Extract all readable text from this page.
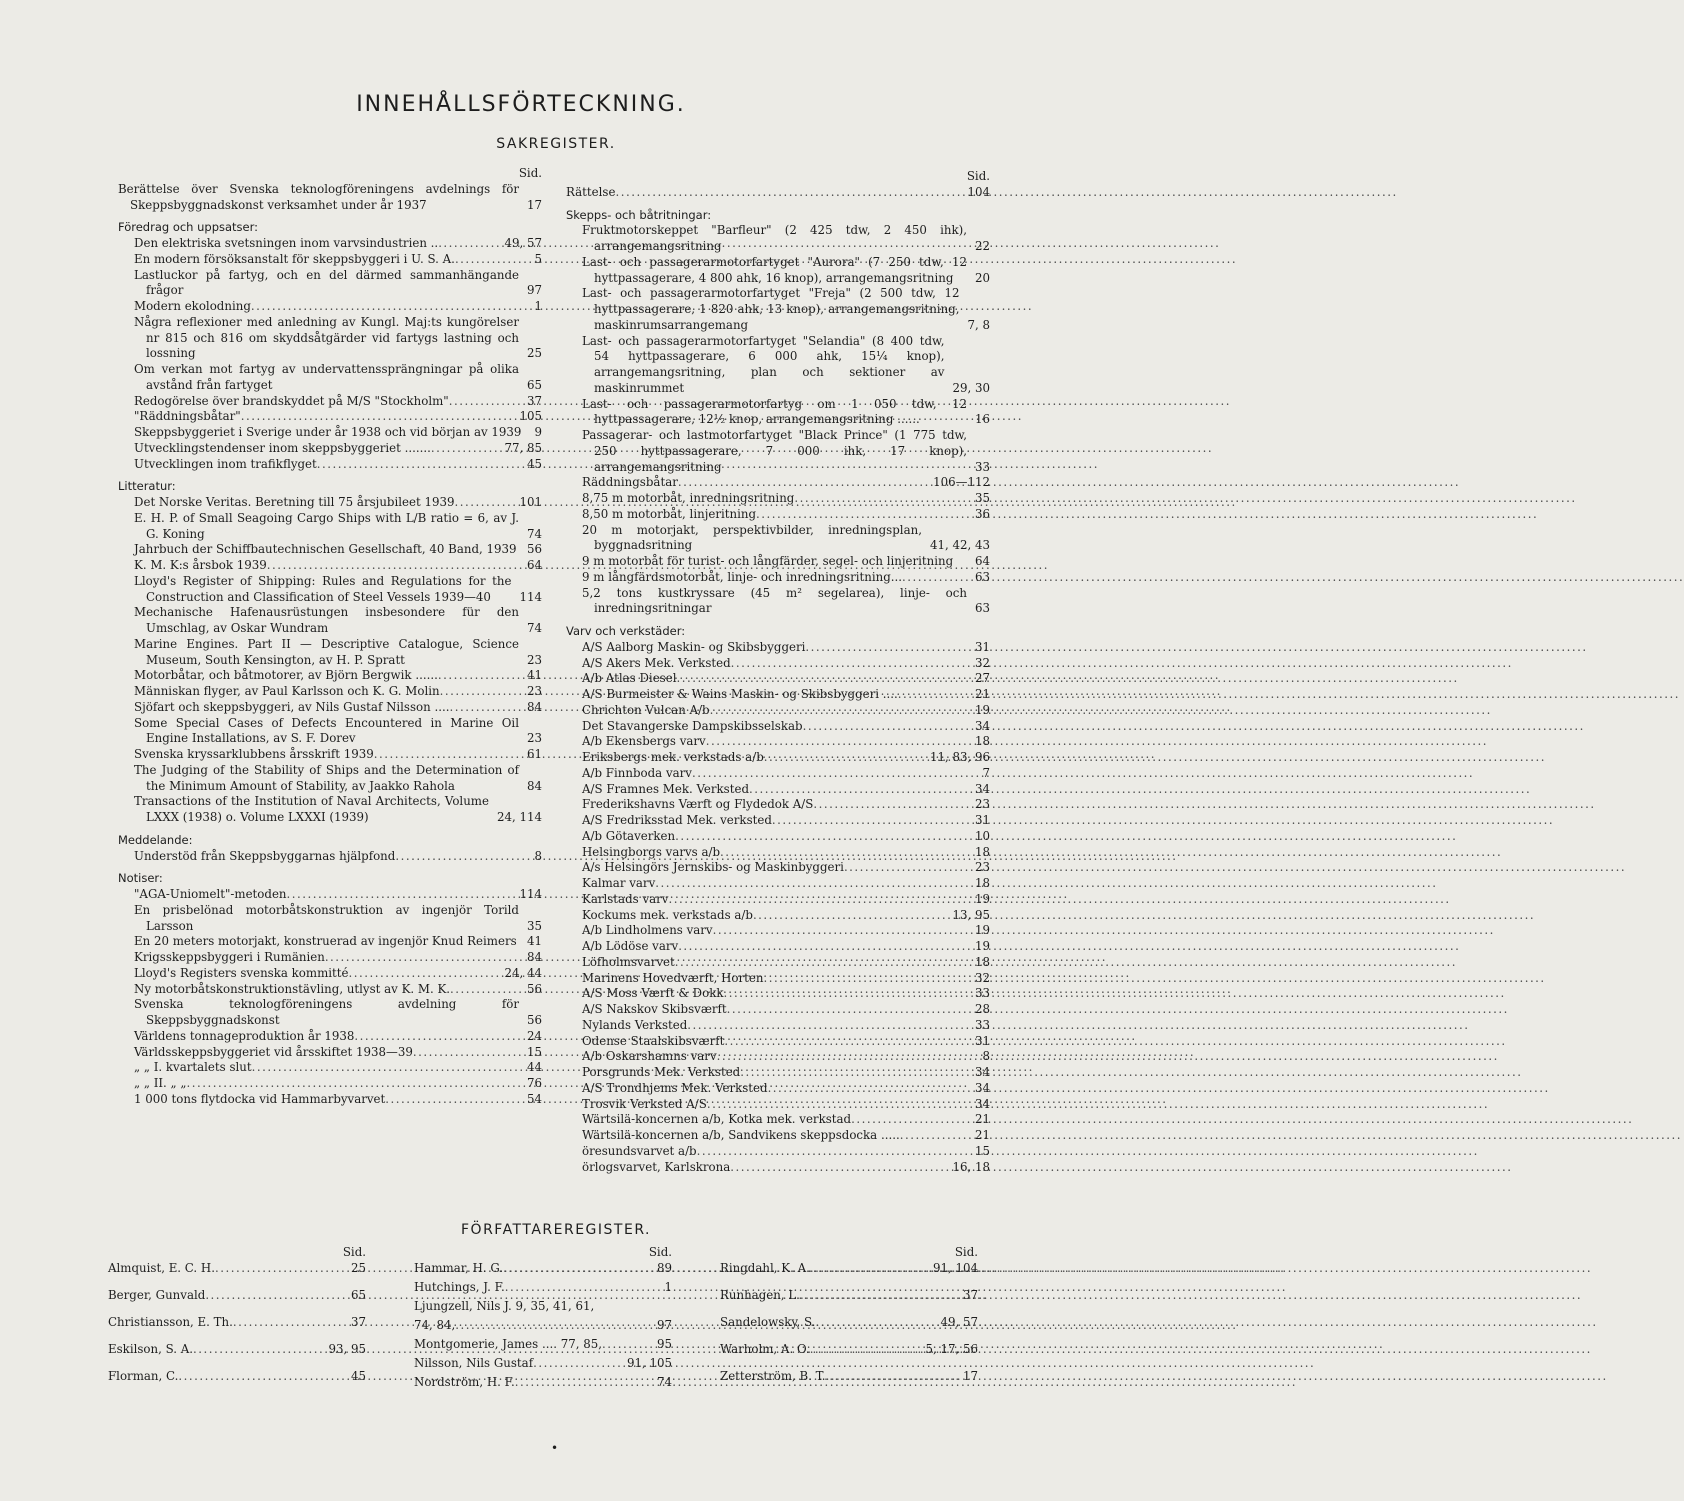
INNEHÅLLSFÖRTECKNING.
SAKREGISTER.
Sid.
Berättelse över Svenska teknologföreningens avdelnings för Skeppsbyggnadskonst verksamhet under år 1937	17
Föredrag och uppsatser:
Den elektriska svetsningen inom varvsindustrien .. .....	49, 57
En modern försöksanstalt för skeppsbyggeri i U. S. A. .....	5
Lastluckor på fartyg, och en del därmed sammanhängande frågor	97
Modern ekolodning .....	1
Några reflexioner med anledning av Kungl. Maj:ts kungörelser nr 815 och 816 om skyddsåtgärder vid fartygs lastning och lossning	25
Om verkan mot fartyg av undervattenssprängningar på olika avstånd från fartyget	65
Redogörelse över brandskyddet på M/S "Stockholm" .....	37
"Räddningsbåtar" .....	105
Skeppsbyggeriet i Sverige under år 1938 och vid början av 1939	9
Utvecklingstendenser inom skeppsbyggeriet ....... .....	77, 85
Utvecklingen inom trafikflyget .....	45
Litteratur:
Det Norske Veritas. Beretning till 75 årsjubileet 1939 .....	101
E. H. P. of Small Seagoing Cargo Ships with L/B ratio = 6, av J. G. Koning	74
Jahrbuch der Schiffbautechnischen Gesellschaft, 40 Band, 1939 56
K. M. K:s årsbok 1939 .....	64
Lloyd's Register of Shipping: Rules and Regulations for the Construction and Classification of Steel Vessels 1939—40	114
Mechanische Hafenausrüstungen insbesondere für den Umschlag, av Oskar Wundram	74
Marine Engines. Part II — Descriptive Catalogue, Science Museum, South Kensington, av H. P. Spratt	23
Motorbåtar, och båtmotorer, av Björn Bergwik ...... .....	41
Människan flyger, av Paul Karlsson och K. G. Molin .....	23
Sjöfart och skeppsbyggeri, av Nils Gustaf Nilsson .... .....	84
Some Special Cases of Defects Encountered in Marine Oil Engine Installations, av S. F. Dorev	23
Svenska kryssarklubbens årsskrift 1939 .....	61
The Judging of the Stability of Ships and the Determination of the Minimum Amount of Stability, av Jaakko Rahola	84
Transactions of the Institution of Naval Architects, Volume LXXX (1938) o. Volume LXXXI (1939)	24, 114
Meddelande:
Understöd från Skeppsbyggarnas hjälpfond .....	8
Notiser:
"AGA-Uniomelt"-metoden .....	114
En prisbelönad motorbåtskonstruktion av ingenjör Torild Larsson	35
En 20 meters motorjakt, konstruerad av ingenjör Knud Reimers 41
Krigsskeppsbyggeri i Rumänien .....	84
Lloyd's Registers svenska kommitté .....	24, 44
Ny motorbåtskonstruktionstävling, utlyst av K. M. K. .....	56
Svenska teknologföreningens avdelning för Skeppsbyggnadskonst	56
Världens tonnageproduktion år 1938 .....	24
Världsskeppsbyggeriet vid årsskiftet 1938—39 .....	15
„ „ I. kvartalets slut .....	44
„ „ II. „ „ .....	76
1 000 tons flytdocka vid Hammarbyvarvet .....	54
Sid.
Rättelse .....	104
Skepps- och båtritningar:
Fruktmotorskeppet "Barfleur" (2 425 tdw, 2 450 ihk), arrangemangsritning	22
Last- och passagerarmotorfartyget "Aurora" (7 250 tdw, 12 hyttpassagerare, 4 800 ahk, 16 knop), arrangemangsritning	20
Last- och passagerarmotorfartyget "Freja" (2 500 tdw, 12 hyttpassagerare, 1 820 ahk, 13 knop), arrangemangsritning, maskinrumsarrangemang	7, 8
Last- och passagerarmotorfartyget "Selandia" (8 400 tdw, 54 hyttpassagerare, 6 000 ahk, 15¼ knop), arrangemangsritning, plan och sektioner av maskinrummet	29, 30
Last- och passagerarmotorfartyg om 1 050 tdw, 12 hyttpassagerare, 12½ knop, arrangemangsritning ......	16
Passagerar- och lastmotorfartyget "Black Prince" (1 775 tdw, 250 hyttpassagerare, 7 000 ihk, 17 knop), arrangemangsritning	33
Räddningsbåtar .....	106—112
8,75 m motorbåt, inredningsritning .....	35
8,50 m motorbåt, linjeritning .....	36
20 m motorjakt, perspektivbilder, inredningsplan, byggnadsritning	41, 42, 43
9 m motorbåt för turist- och långfärder, segel- och linjeritning	64
9 m långfärdsmotorbåt, linje- och inredningsritning... .....	63
5,2 tons kustkryssare (45 m² segelarea), linje- och inredningsritningar	63
Varv och verkstäder:
A/S Aalborg Maskin- og Skibsbyggeri .....	31
A/S Akers Mek. Verksted .....	32
A/b Atlas Diesel .....	27
A/S Burmeister & Wains Maskin- og Skibsbyggeri .... .....	21
Chrichton Vulcan A/b .....	19
Det Stavangerske Dampskibsselskab .....	34
A/b Ekensbergs varv .....	18
Eriksbergs mek. verkstads a/b .....	11, 83, 96
A/b Finnboda varv .....	7
A/S Framnes Mek. Verksted .....	34
Frederikshavns Værft og Flydedok A/S .....	23
A/S Fredriksstad Mek. verksted .....	31
A/b Götaverken .....	10
Helsingborgs varvs a/b .....	18
A/s Helsingörs Jernskibs- og Maskinbyggeri .....	23
Kalmar varv .....	18
Karlstads varv .....	19
Kockums mek. verkstads a/b .....	13, 95
A/b Lindholmens varv .....	19
A/b Lödöse varv .....	19
Löfholmsvarvet .....	18
Marinens Hovedværft, Horten .....	32
A/S Moss Værft & Dokk .....	33
A/S Nakskov Skibsværft .....	28
Nylands Verksted .....	33
Odense Staalskibsværft .....	31
A/b Oskarshamns varv .....	8
Porsgrunds Mek. Verksted .....	34
A/S Trondhjems Mek. Verksted .....	34
Trosvik Verksted A/S .....	34
Wärtsilä-koncernen a/b, Kotka mek. verkstad .....	21
Wärtsilä-koncernen a/b, Sandvikens skeppsdocka ..... .....	21
öresundsvarvet a/b .....	15
örlogsvarvet, Karlskrona .....	16, 18
FÖRFATTAREREGISTER.
Sid.
Almquist, E. C. H. .....	25
Berger, Gunvald .....	65
Christiansson, E. Th. .....	37
Eskilson, S. A. .....	93, 95
Florman, C. .....	45
Sid.
Hammar, H. G. .....	89
Hutchings, J. F. .....	1
Ljungzell, Nils J. 9, 35, 41, 61,
74, 84, .....	97
Montgomerie, James .... 77, 85, .....	95
Nilsson, Nils Gustaf .....	91, 105
Nordström, H. F. .....	74
Sid.
Ringdahl, K. A. .....	91, 104
Runhagen, L. .....	37
Sandelowsky, S. .....	49, 57
Warholm, A. O. .....	5, 17, 56
Zetterström, B. T. .....	17
•
